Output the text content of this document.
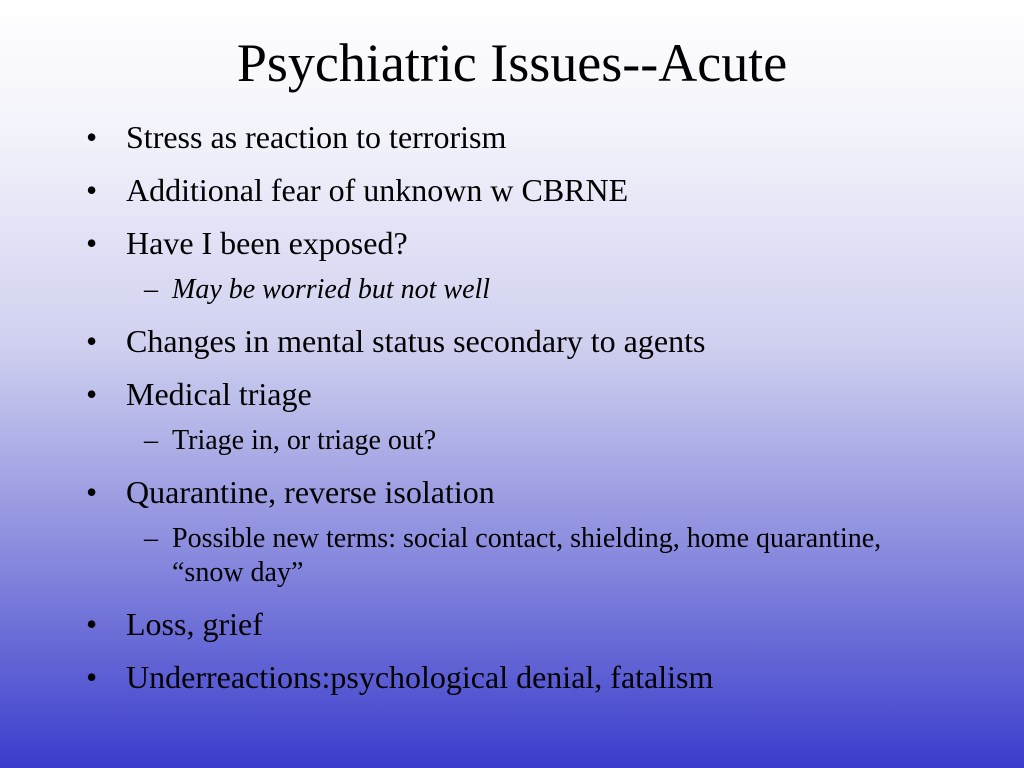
Psychiatric Issues--Acute
• Stress as reaction to terrorism
• Additional fear of unknown w CBRNE
• Have I been exposed?
– May be worried but not well
• Changes in mental status secondary to agents
• Medical triage
– Triage in, or triage out?
• Quarantine, reverse isolation
– Possible new terms: social contact, shielding, home quarantine, “snow day”
• Loss, grief
• Underreactions:psychological denial, fatalism
